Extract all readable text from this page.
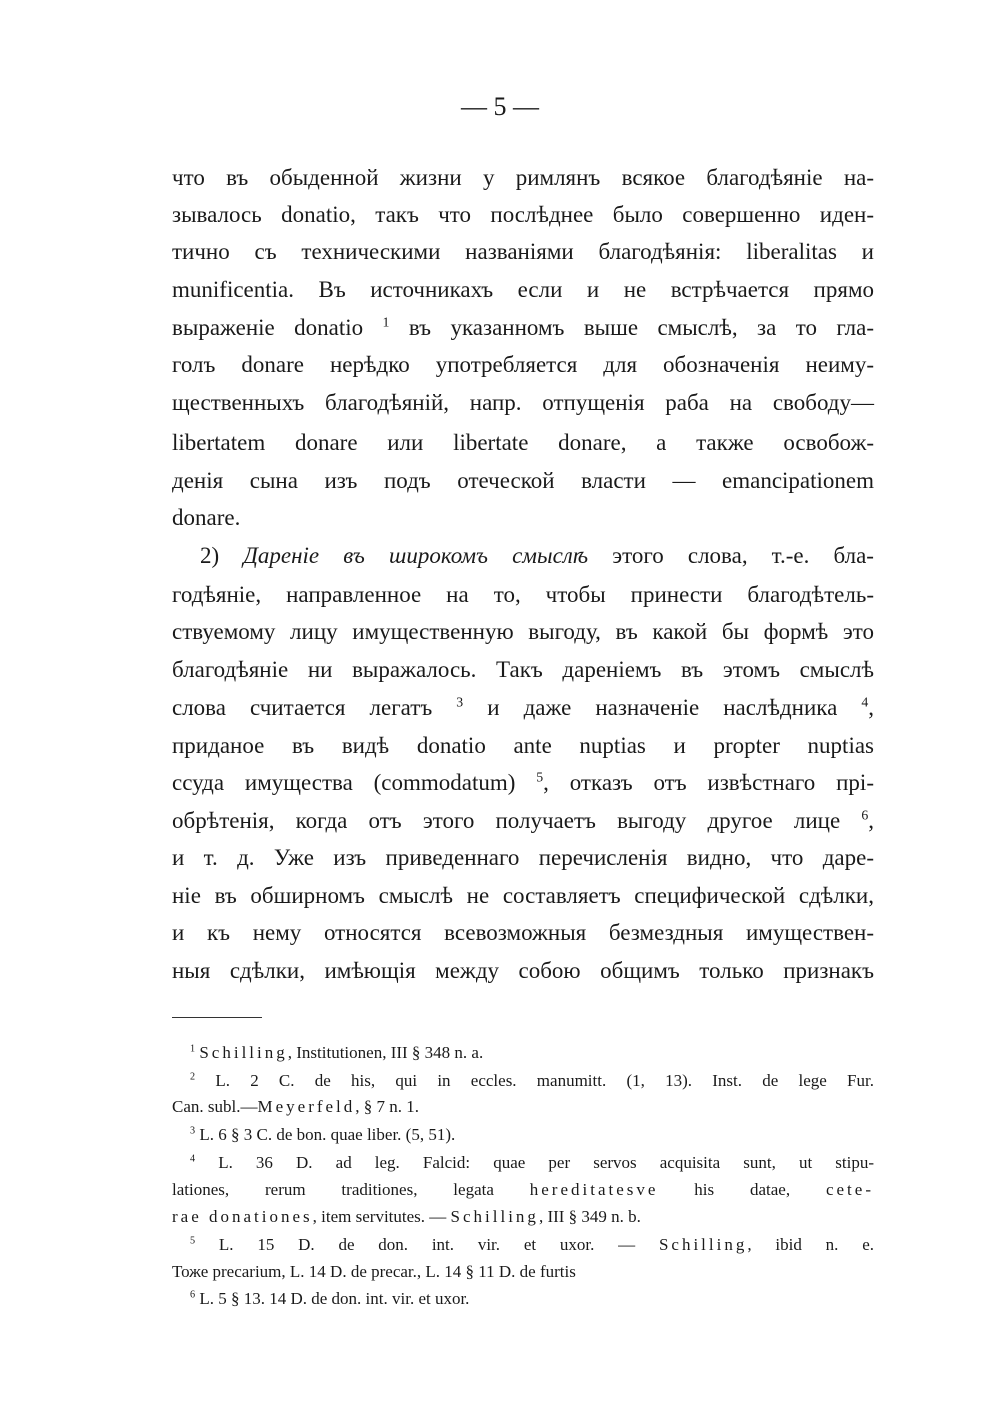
— 5 —
что въ обыденной жизни у римлянъ всякое благодѣяніе на-
зывалось donatio, такъ что послѣднее было совершенно иден-
тично съ техническими названіями благодѣянія: liberalitas и
munificentia. Въ источникахъ если и не встрѣчается прямо
выраженіе donatio $^1$ въ указанномъ выше смыслѣ, за то гла-
голъ donare нерѣдко употребляется для обозначенія неиму-
щественныхъ благодѣяній, напр. отпущенія раба на свободу—
libertatem donare или libertate donare, а также освобож-
денія сына изъ подъ отеческой власти — emancipationem
donare.
2) Дареніе въ широкомъ смыслѣ этого слова, т.-е. бла-
годѣяніе, направленное на то, чтобы принести благодѣтель-
ствуемому лицу имущественную выгоду, въ какой бы формѣ это
благодѣяніе ни выражалось. Такъ дареніемъ въ этомъ смыслѣ
слова считается легатъ $^3$ и даже назначеніе наслѣдника $^4$,
приданое въ видѣ donatio ante nuptias и propter nuptias
ссуда имущества (commodatum) $^5$, отказъ отъ извѣстнаго прі-
обрѣтенія, когда отъ этого получаетъ выгоду другое лице $^6$,
и т. д. Уже изъ приведеннаго перечисленія видно, что даре-
ніе въ обширномъ смыслѣ не составляетъ специфической сдѣлки,
и къ нему относятся всевозможныя безмездныя имуществен-
ныя сдѣлки, имѣющія между собою общимъ только признакъ
$^1$ Schilling, Institutionen, III § 348 n. a.
$^2$ L. 2 C. de his, qui in eccles. manumitt. (1, 13). Inst. de lege Fur.
Can. subl.—Meyerfeld, § 7 n. 1.
$^3$ L. 6 § 3 C. de bon. quae liber. (5, 51).
$^4$ L. 36 D. ad leg. Falcid: quae per servos acquisita sunt, ut stipu-
lationes, rerum traditiones, legata hereditatesve his datae, cete-
rae donationes, item servitutes. — Schilling, III § 349 n. b.
$^5$ L. 15 D. de don. int. vir. et uxor. — Schilling, ibid n. e.
Тоже precarium, L. 14 D. de precar., L. 14 § 11 D. de furtis
$^6$ L. 5 § 13. 14 D. de don. int. vir. et uxor.
